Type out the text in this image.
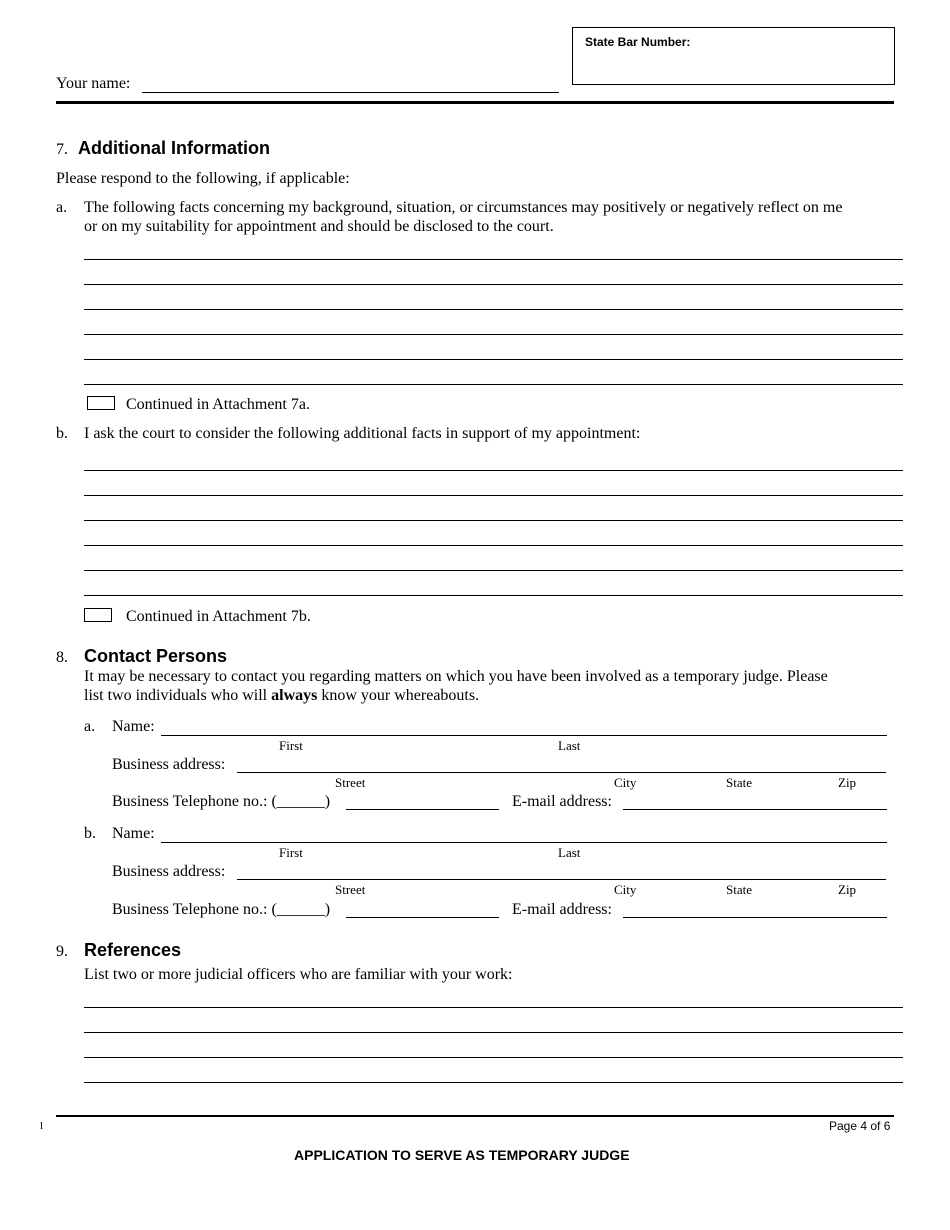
Your name:
State Bar Number:
7. Additional Information
Please respond to the following, if applicable:
a. The following facts concerning my background, situation, or circumstances may positively or negatively reflect on me
or on my suitability for appointment and should be disclosed to the court.
Continued in Attachment 7a.
b. I ask the court to consider the following additional facts in support of my appointment:
Continued in Attachment 7b.
8. Contact Persons
It may be necessary to contact you regarding matters on which you have been involved as a temporary judge. Please
list two individuals who will always know your whereabouts.
a. Name:
First	Last
Business address:
Street	City	State	Zip
Business Telephone no.: (______)	E-mail address:
b. Name:
First	Last
Business address:
Street	City	State	Zip
Business Telephone no.: (______)	E-mail address:
9. References
List two or more judicial officers who are familiar with your work:
l	Page 4 of 6
APPLICATION TO SERVE AS TEMPORARY JUDGE
